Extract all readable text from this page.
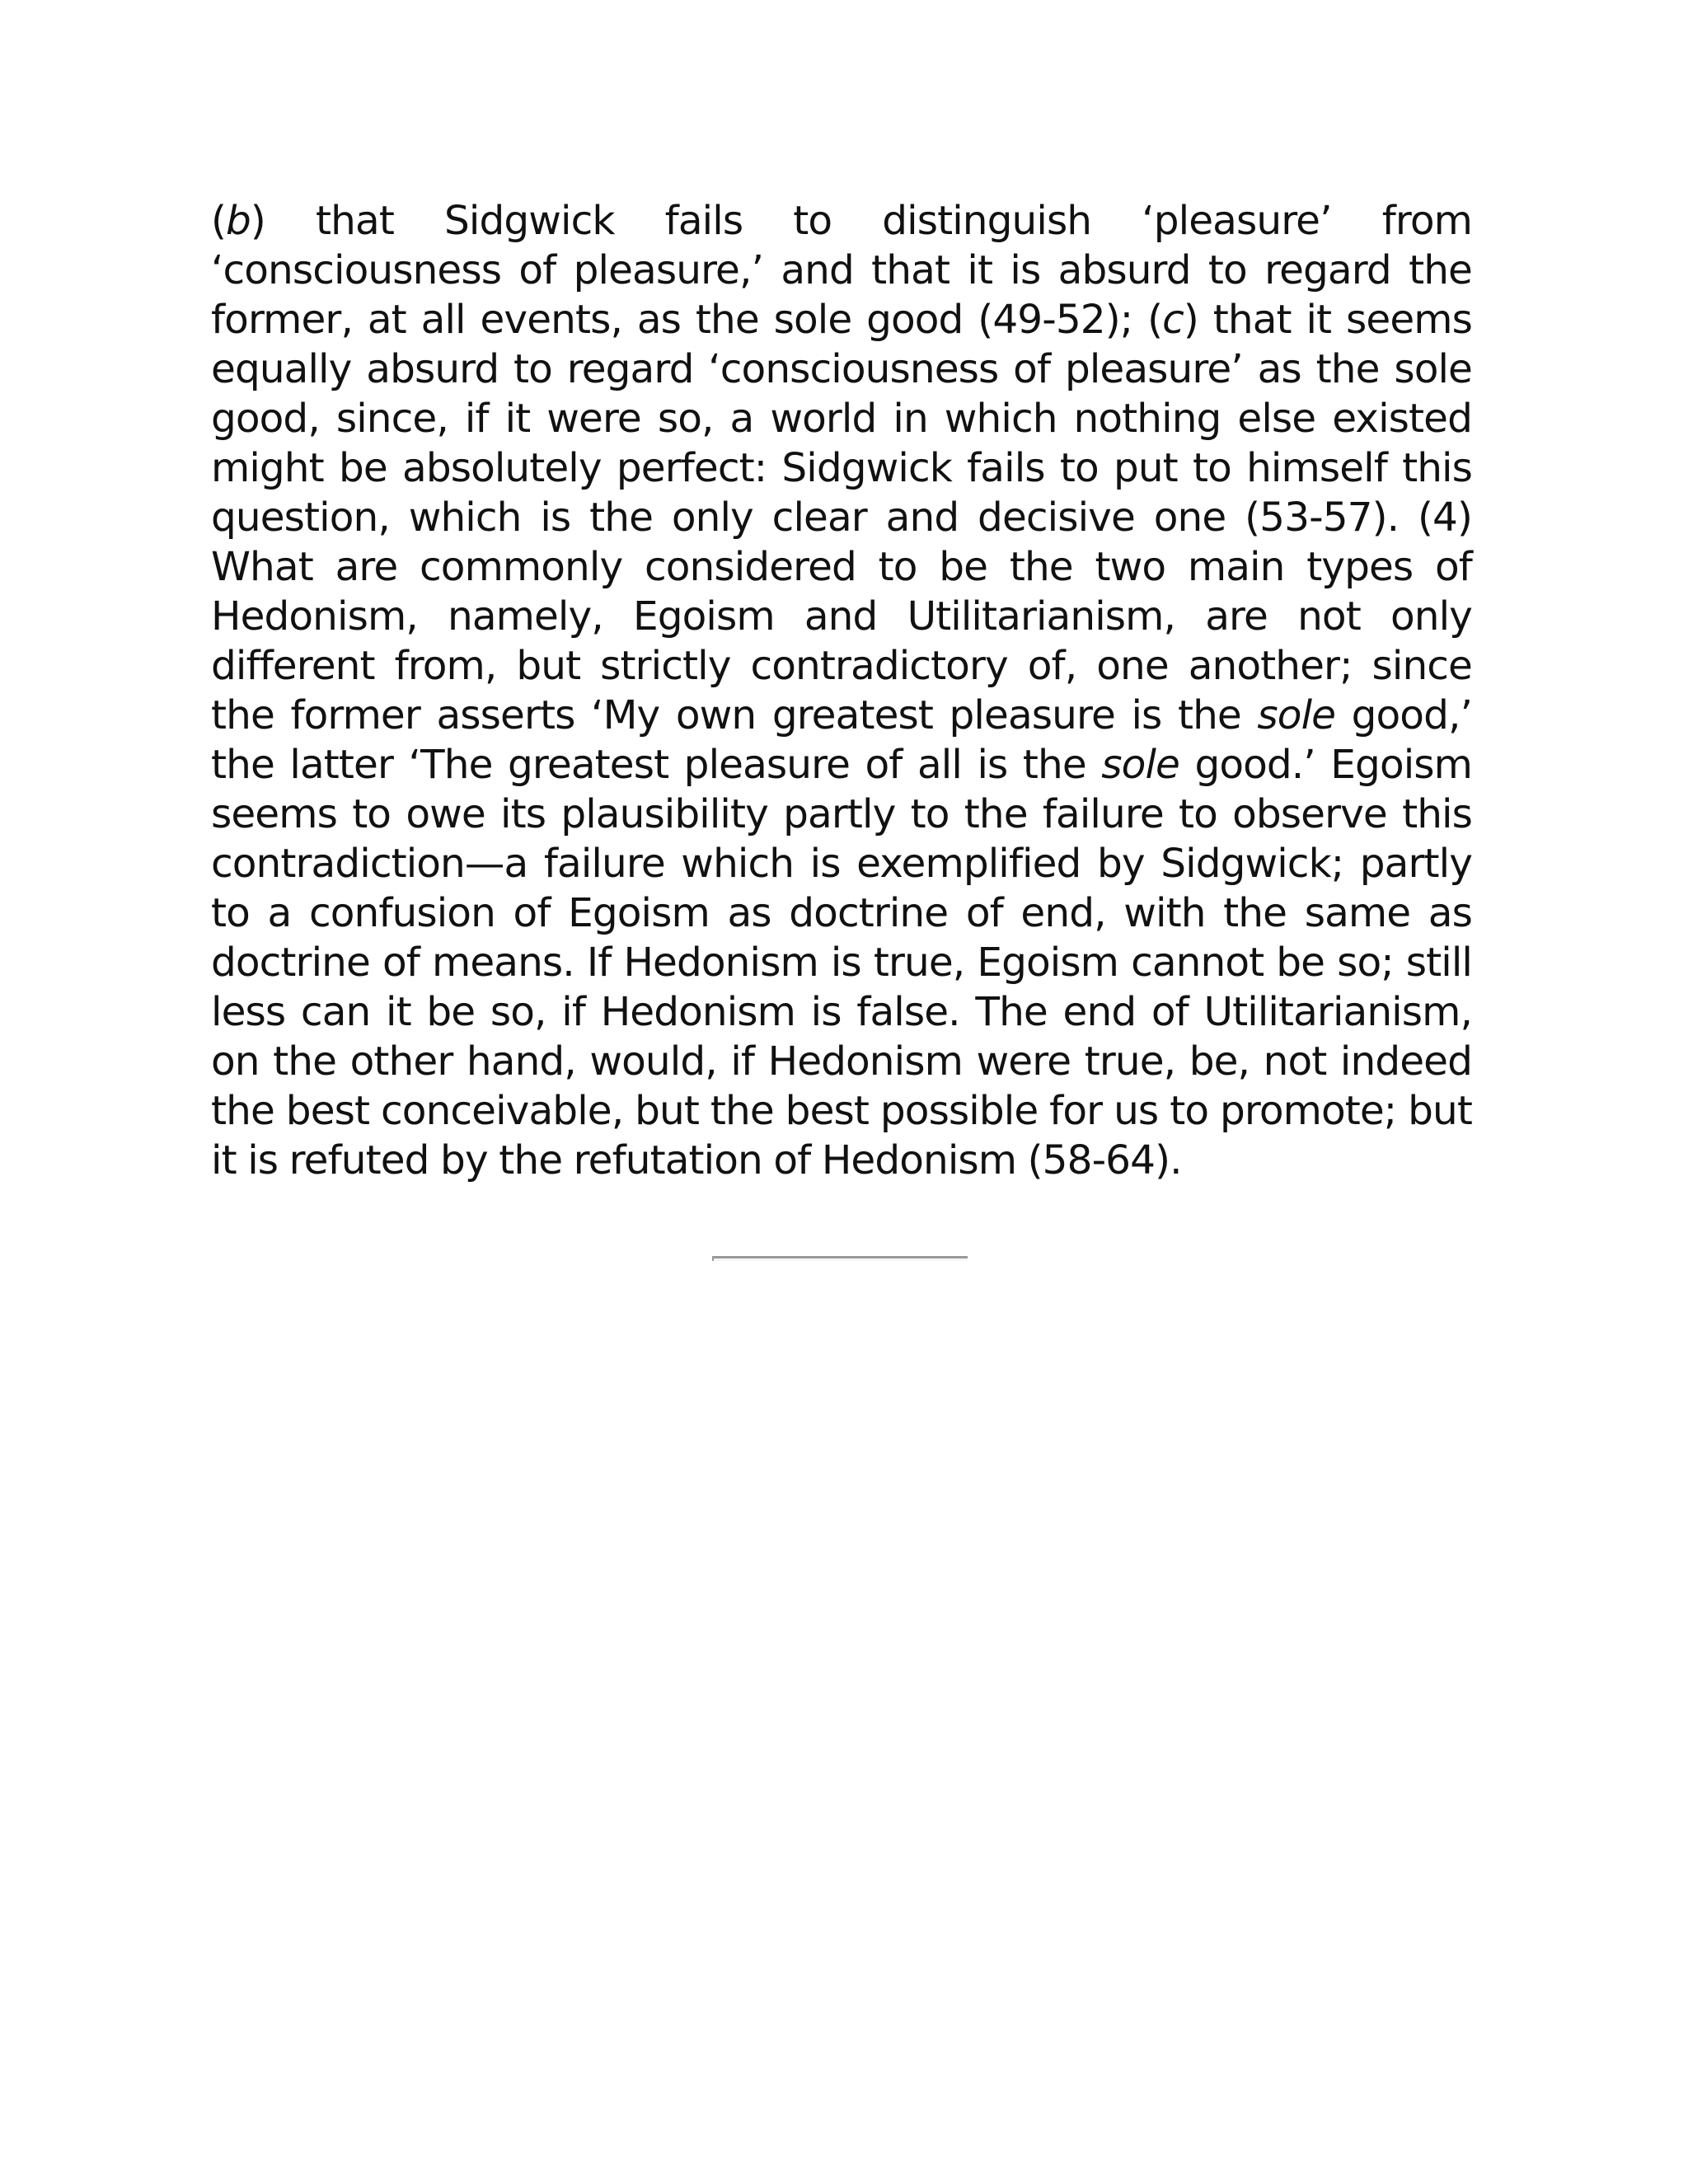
(b) that Sidgwick fails to distinguish ‘pleasure’ from ‘consciousness of pleasure,’ and that it is absurd to regard the former, at all events, as the sole good (49-52); (c) that it seems equally absurd to regard ‘consciousness of pleasure’ as the sole good, since, if it were so, a world in which nothing else existed might be absolutely perfect: Sidgwick fails to put to himself this question, which is the only clear and decisive one (53-57). (4) What are commonly considered to be the two main types of Hedonism, namely, Egoism and Utilitarianism, are not only different from, but strictly contradictory of, one another; since the former asserts ‘My own greatest pleasure is the sole good,’ the latter ‘The greatest pleasure of all is the sole good.’ Egoism seems to owe its plausibility partly to the failure to observe this contradiction—a failure which is exemplified by Sidgwick; partly to a confusion of Egoism as doctrine of end, with the same as doctrine of means. If Hedonism is true, Egoism cannot be so; still less can it be so, if Hedonism is false. The end of Utilitarianism, on the other hand, would, if Hedonism were true, be, not indeed the best conceivable, but the best possible for us to promote; but it is refuted by the refutation of Hedonism (58-64).
